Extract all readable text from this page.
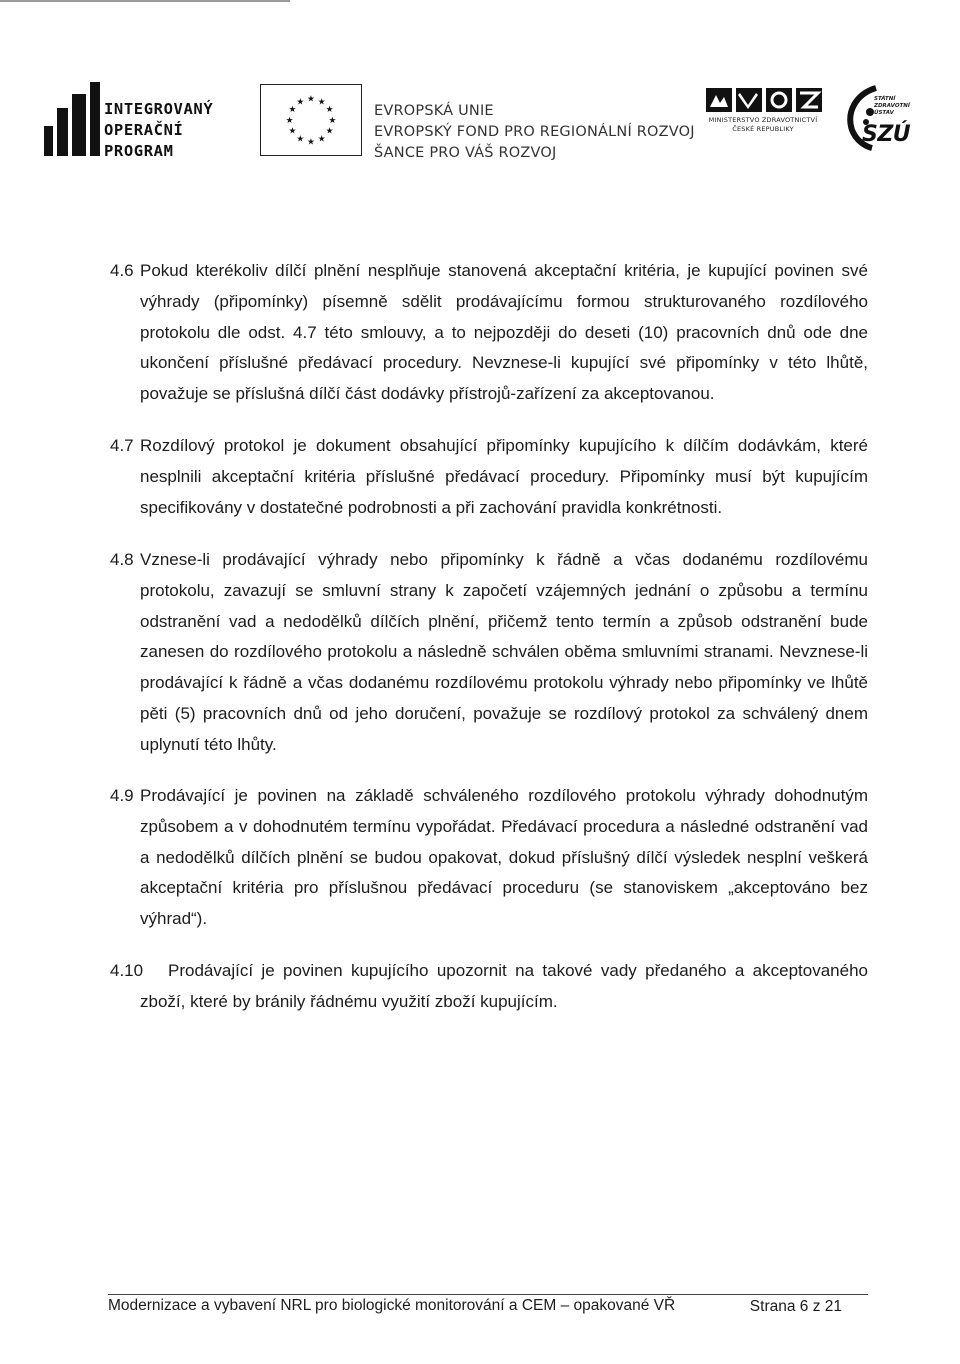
INTEGROVANÝ
OPERAČNÍ
PROGRAM
★ ★
★
★
★
★
★
★
★
★
★
★
EVROPSKÁ UNIE
EVROPSKÝ FOND PRO REGIONÁLNÍ ROZVOJ
ŠANCE PRO VÁŠ ROZVOJ
MINISTERSTVO ZDRAVOTNICTVÍ
ČESKÉ REPUBLIKY
STÁTNÍ
ZDRAVOTNÍ
ÚSTAV
SZÚ
4.6 Pokud kterékoliv dílčí plnění nesplňuje stanovená akceptační kritéria, je kupující povinen své výhrady (připomínky) písemně sdělit prodávajícímu formou strukturovaného rozdílového protokolu dle odst. 4.7 této smlouvy, a to nejpozději do deseti (10) pracovních dnů ode dne ukončení příslušné předávací procedury. Nevznese-li kupující své připomínky v této lhůtě, považuje se příslušná dílčí část dodávky přístrojů-zařízení za akceptovanou.
4.7 Rozdílový protokol je dokument obsahující připomínky kupujícího k dílčím dodávkám, které nesplnili akceptační kritéria příslušné předávací procedury. Připomínky musí být kupujícím specifikovány v dostatečné podrobnosti a při zachování pravidla konkrétnosti.
4.8 Vznese-li prodávající výhrady nebo připomínky k řádně a včas dodanému rozdílovému protokolu, zavazují se smluvní strany k započetí vzájemných jednání o způsobu a termínu odstranění vad a nedodělků dílčích plnění, přičemž tento termín a způsob odstranění bude zanesen do rozdílového protokolu a následně schválen oběma smluvními stranami. Nevznese-li prodávající k řádně a včas dodanému rozdílovému protokolu výhrady nebo připomínky ve lhůtě pěti (5) pracovních dnů od jeho doručení, považuje se rozdílový protokol za schválený dnem uplynutí této lhůty.
4.9 Prodávající je povinen na základě schváleného rozdílového protokolu výhrady dohodnutým způsobem a v dohodnutém termínu vypořádat. Předávací procedura a následné odstranění vad a nedodělků dílčích plnění se budou opakovat, dokud příslušný dílčí výsledek nesplní veškerá akceptační kritéria pro příslušnou předávací proceduru (se stanoviskem „akceptováno bez výhrad“).
4.10	Prodávající je povinen kupujícího upozornit na takové vady předaného a akceptovaného zboží, které by bránily řádnému využití zboží kupujícím.
Modernizace a vybavení NRL pro biologické monitorování a CEM – opakované VŘ	Strana 6 z 21
